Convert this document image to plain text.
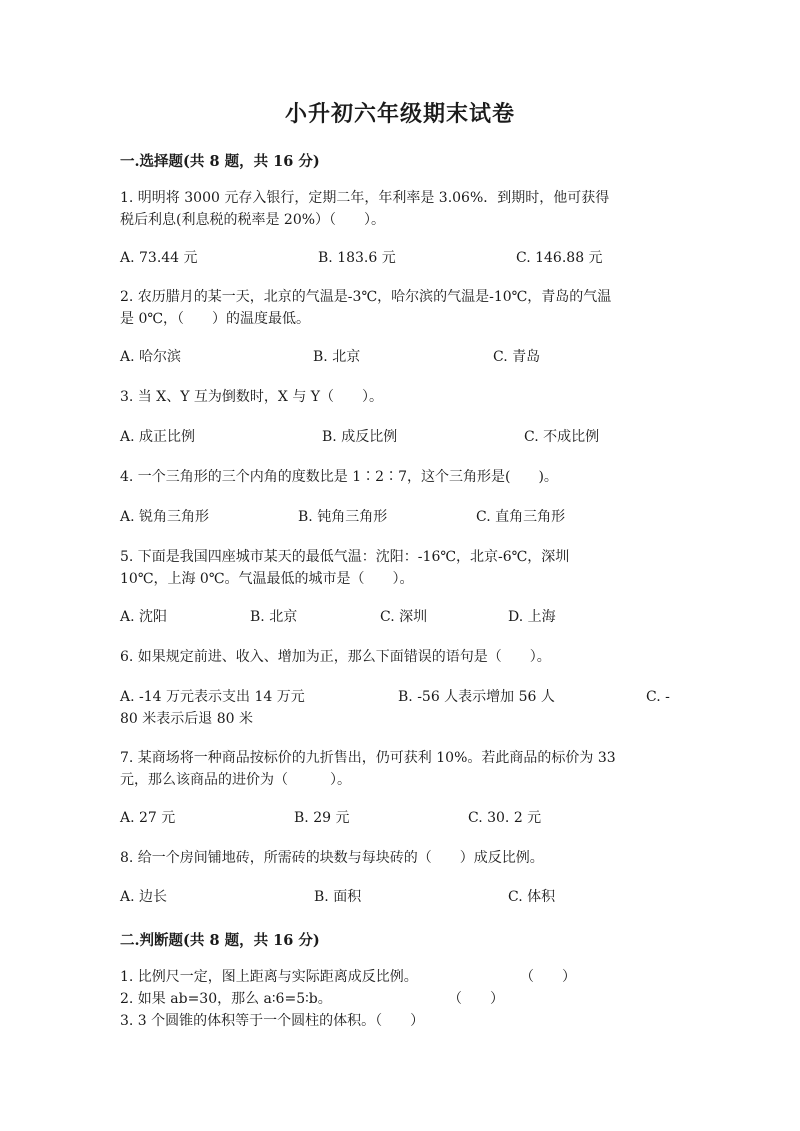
小升初六年级期末试卷
一.选择题(共 8 题，共 16 分)
1. 明明将 3000 元存入银行，定期二年，年利率是 3.06%．到期时，他可获得
税后利息(利息税的税率是 20%）（　　）。
A. 73.44 元	B. 183.6 元	C. 146.88 元
2. 农历腊月的某一天，北京的气温是-3℃，哈尔滨的气温是-10℃，青岛的气温
是 0℃，（　　）的温度最低。
A. 哈尔滨	B. 北京	C. 青岛
3. 当 X、Y 互为倒数时，X 与 Y（　　）。
A. 成正比例	B. 成反比例	C. 不成比例
4. 一个三角形的三个内角的度数比是 1∶2∶7，这个三角形是(　　)。
A. 锐角三角形	B. 钝角三角形	C. 直角三角形
5. 下面是我国四座城市某天的最低气温：沈阳：-16℃，北京-6℃，深圳
10℃，上海 0℃。气温最低的城市是（　　）。
A. 沈阳	B. 北京	C. 深圳	D. 上海
6. 如果规定前进、收入、增加为正，那么下面错误的语句是（　　）。
A. -14 万元表示支出 14 万元	B. -56 人表示增加 56 人	C. -
80 米表示后退 80 米
7. 某商场将一种商品按标价的九折售出，仍可获利 10%。若此商品的标价为 33
元，那么该商品的进价为（　　　）。
A. 27 元	B. 29 元	C. 30. 2 元
8. 给一个房间铺地砖，所需砖的块数与每块砖的（　　）成反比例。
A. 边长	B. 面积	C. 体积
二.判断题(共 8 题，共 16 分)
1. 比例尺一定，图上距离与实际距离成反比例。	（　　）
2. 如果 ab=30，那么 a∶6=5∶b。	（　　）
3. 3 个圆锥的体积等于一个圆柱的体积。（　　）
